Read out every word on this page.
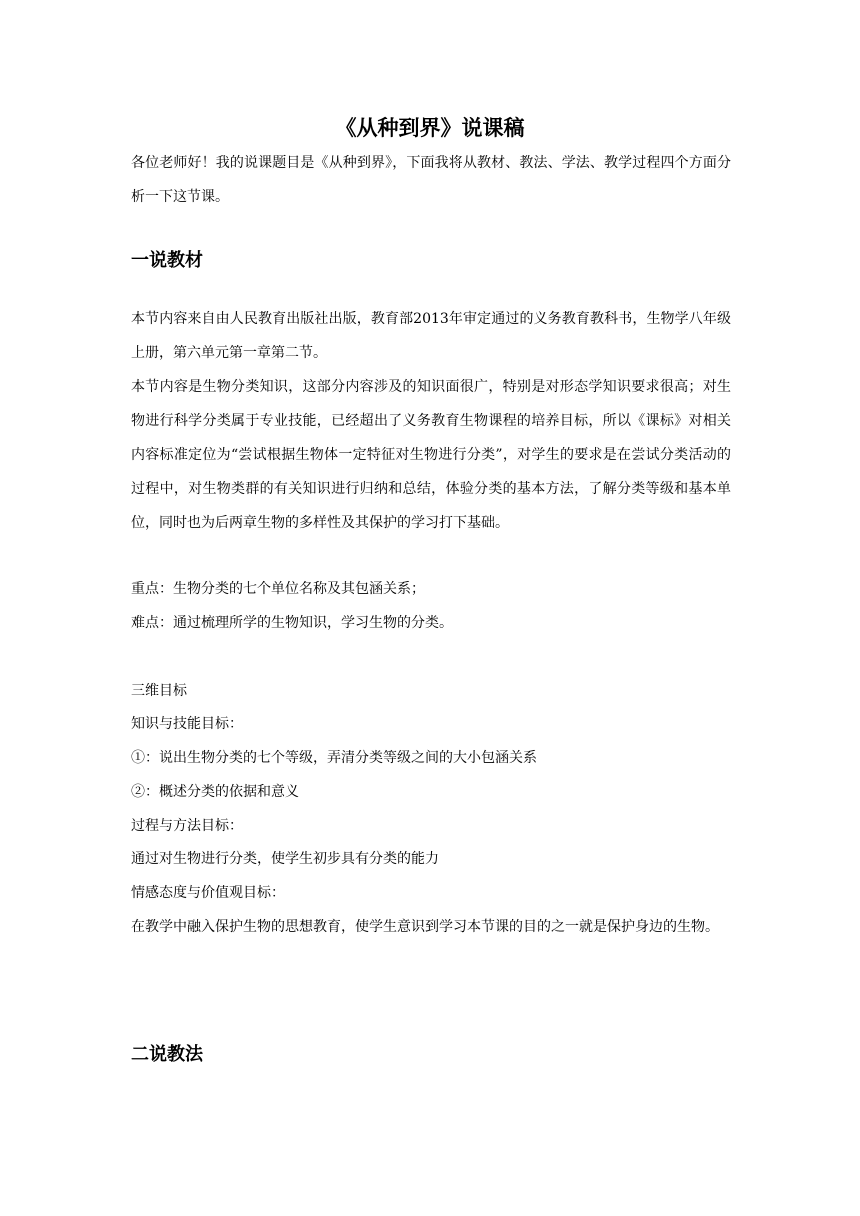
《从种到界》说课稿

各位老师好！我的说课题目是《从种到界》，下面我将从教材、教法、学法、教学过程四个方面分析一下这节课。

一说教材

本节内容来自由人民教育出版社出版，教育部2013年审定通过的义务教育教科书，生物学八年级上册，第六单元第一章第二节。

本节内容是生物分类知识，这部分内容涉及的知识面很广，特别是对形态学知识要求很高；对生物进行科学分类属于专业技能，已经超出了义务教育生物课程的培养目标，所以《课标》对相关内容标准定位为“尝试根据生物体一定特征对生物进行分类”，对学生的要求是在尝试分类活动的过程中，对生物类群的有关知识进行归纳和总结，体验分类的基本方法，了解分类等级和基本单位，同时也为后两章生物的多样性及其保护的学习打下基础。

重点：生物分类的七个单位名称及其包涵关系；

难点：通过梳理所学的生物知识，学习生物的分类。

三维目标

知识与技能目标：

①：说出生物分类的七个等级，弄清分类等级之间的大小包涵关系

②：概述分类的依据和意义

过程与方法目标：

通过对生物进行分类，使学生初步具有分类的能力

情感态度与价值观目标：

在教学中融入保护生物的思想教育，使学生意识到学习本节课的目的之一就是保护身边的生物。

二说教法
